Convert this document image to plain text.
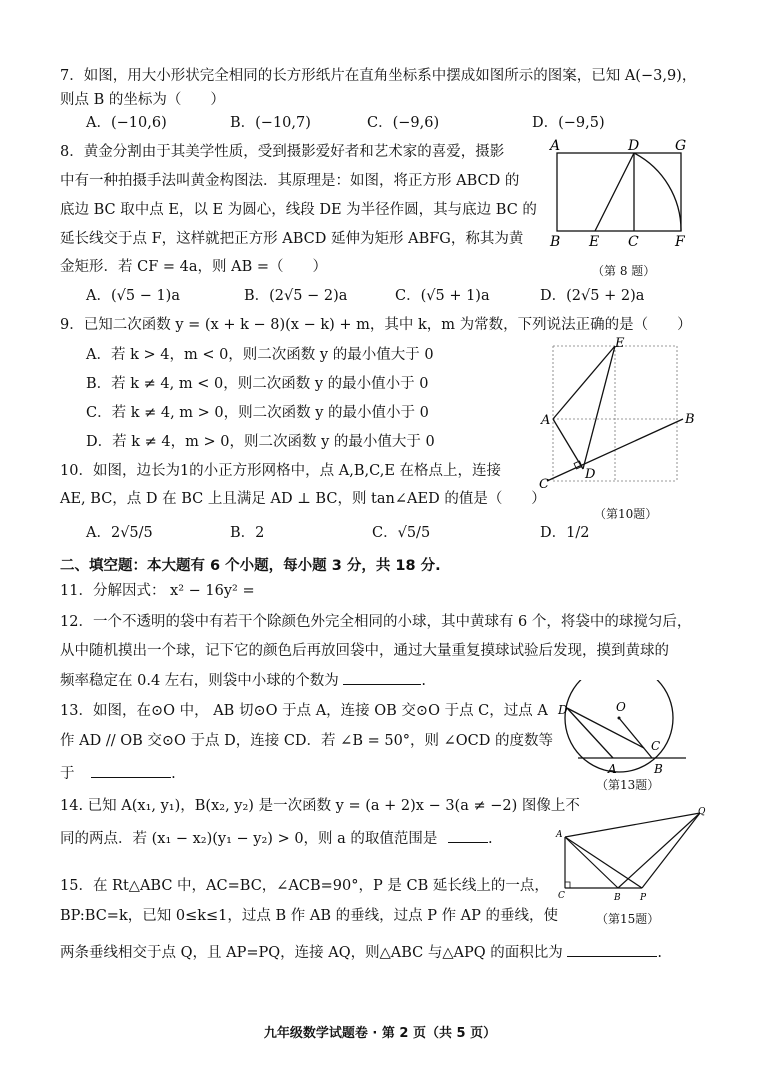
7．如图，用大小形状完全相同的长方形纸片在直角坐标系中摆成如图所示的图案，已知 A(−3,9)，
则点 B 的坐标为（　　）
A．(−10,6)	B．(−10,7)	C．(−9,6)	D．(−9,5)
8．黄金分割由于其美学性质，受到摄影爱好者和艺术家的喜爱，摄影
中有一种拍摄手法叫黄金构图法．其原理是：如图，将正方形 ABCD 的
底边 BC 取中点 E，以 E 为圆心，线段 DE 为半径作圆，其与底边 BC 的
延长线交于点 F，这样就把正方形 ABCD 延伸为矩形 ABFG，称其为黄
金矩形．若 CF = 4a，则 AB =（　　）
A．(√5 − 1)a	B．(2√5 − 2)a	C．(√5 + 1)a	D．(2√5 + 2)a
A	D	G
B E C	F
（第 8 题）
9．已知二次函数 y = (x + k − 8)(x − k) + m，其中 k，m 为常数，下列说法正确的是（　　）
A．若 k > 4，m < 0，则二次函数 y 的最小值大于 0
B．若 k ≠ 4, m < 0，则二次函数 y 的最小值小于 0
C．若 k ≠ 4, m > 0，则二次函数 y 的最小值小于 0
D．若 k ≠ 4，m > 0，则二次函数 y 的最小值大于 0
E
A	B
C
D
（第10题）
10．如图，边长为1的小正方形网格中，点 A,B,C,E 在格点上，连接
AE, BC，点 D 在 BC 上且满足 AD ⊥ BC，则 tan∠AED 的值是（　　）
A．2√5/5	B．2	C．√5/5	D．1/2
二、填空题：本大题有 6 个小题，每小题 3 分，共 18 分.
11．分解因式： x² − 16y² =
12．一个不透明的袋中有若干个除颜色外完全相同的小球，其中黄球有 6 个，将袋中的球搅匀后，
从中随机摸出一个球，记下它的颜色后再放回袋中，通过大量重复摸球试验后发现，摸到黄球的
频率稳定在 0.4 左右，则袋中小球的个数为	.
13．如图，在⊙O 中， AB 切⊙O 于点 A，连接 OB 交⊙O 于点 C，过点 A
作 AD // OB 交⊙O 于点 D，连接 CD．若 ∠B = 50°，则 ∠OCD 的度数等
于	.
O
D
C
A	B
（第13题）
14. 已知 A(x₁, y₁)，B(x₂, y₂) 是一次函数 y = (a + 2)x − 3(a ≠ −2) 图像上不
同的两点．若 (x₁ − x₂)(y₁ − y₂) > 0，则 a 的取值范围是	.
Q
A
C	B P
（第15题）
15．在 Rt△ABC 中，AC=BC，∠ACB=90°，P 是 CB 延长线上的一点，
BP:BC=k，已知 0≤k≤1，过点 B 作 AB 的垂线，过点 P 作 AP 的垂线，使
两条垂线相交于点 Q，且 AP=PQ，连接 AQ，则△ABC 与△APQ 的面积比为	.
九年级数学试题卷 · 第 2 页（共 5 页）
